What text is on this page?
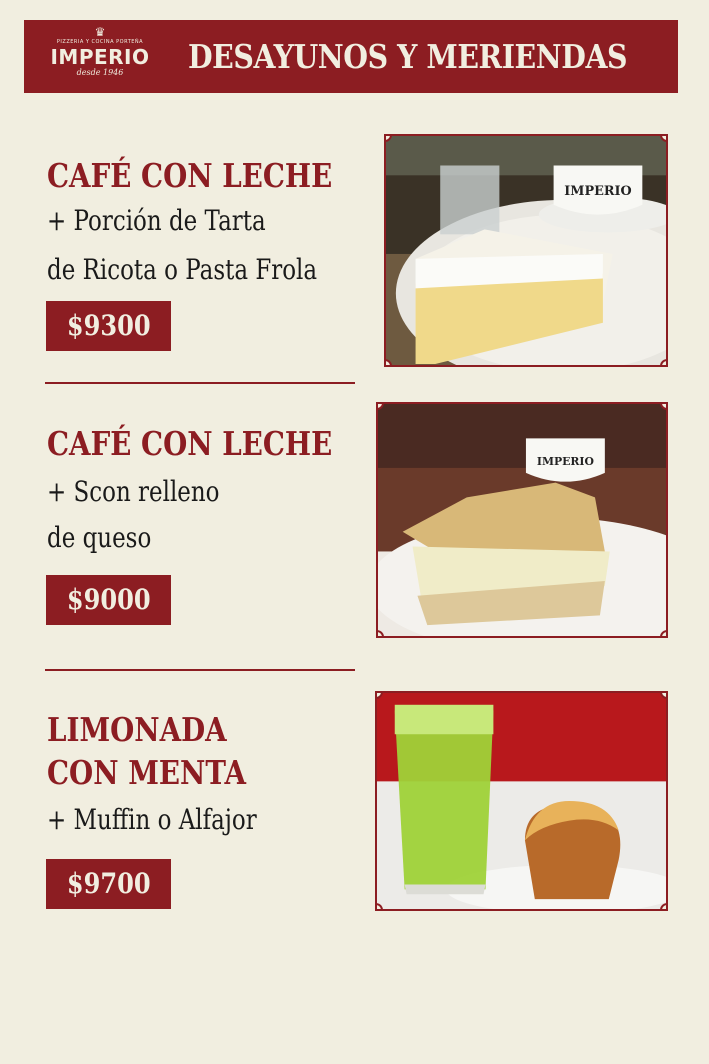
♛
PIZZERIA Y COCINA PORTEÑA
IMPERIO
desde 1946	DESAYUNOS Y MERIENDAS
CAFÉ CON LECHE
+ Porción de Tarta
de Ricota o Pasta Frola
$9300
IMPERIO
CAFÉ CON LECHE
+ Scon relleno
de queso
$9000
IMPERIO
LIMONADA
CON MENTA
+ Muffin o Alfajor
$9700
